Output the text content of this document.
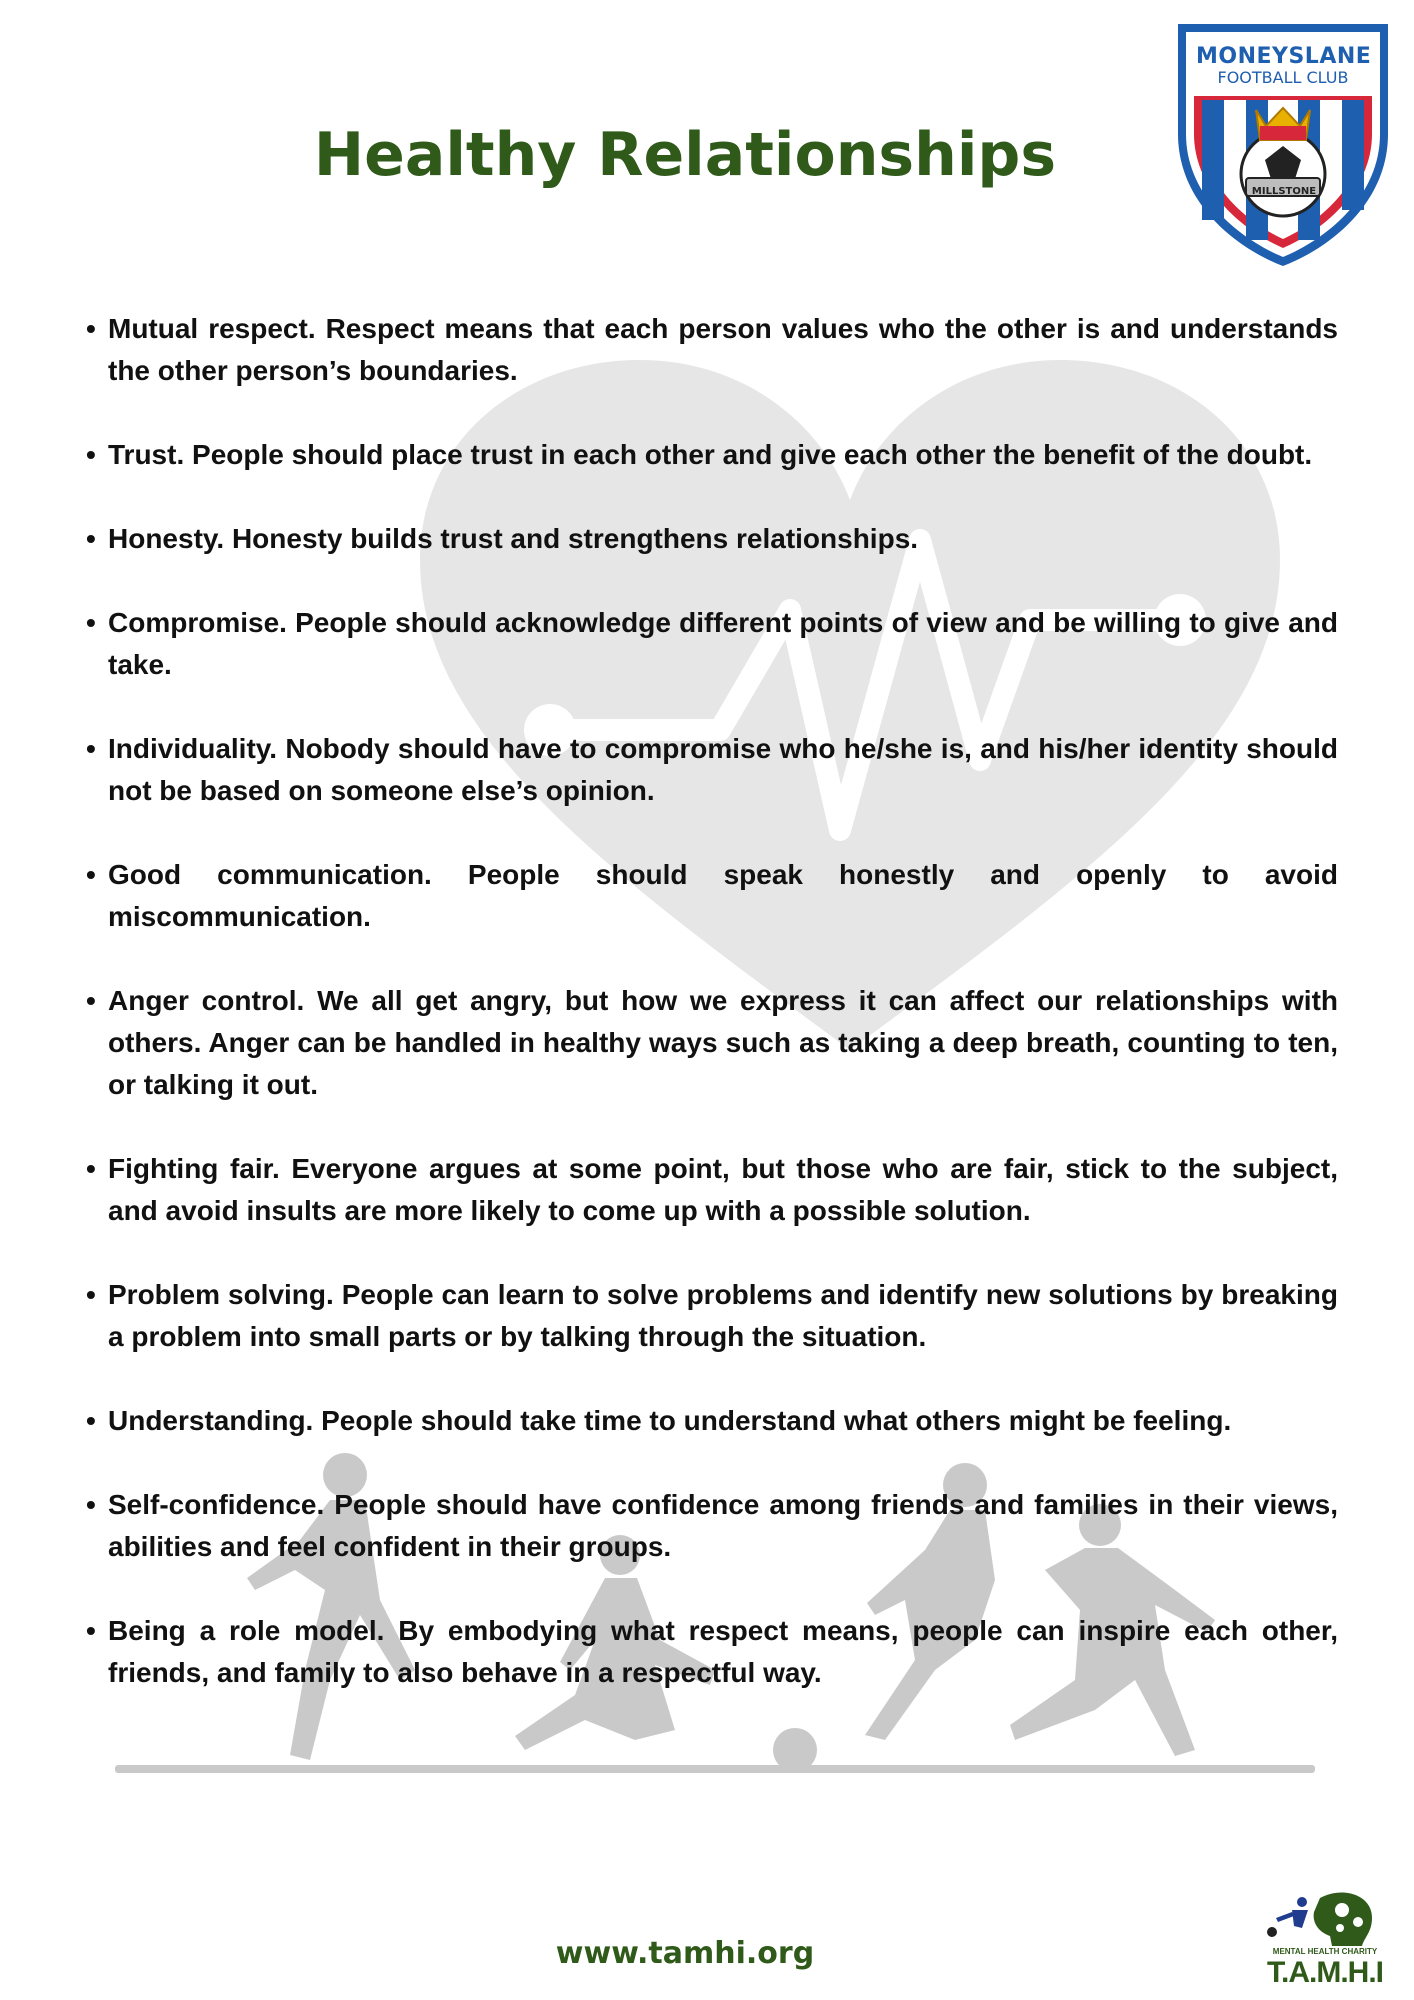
Healthy Relationships
MONEYSLANE
FOOTBALL CLUB
MILLSTONE
• Mutual respect. Respect means that each person values who the other is and understands the other person’s boundaries.
• Trust. People should place trust in each other and give each other the benefit of the doubt.
• Honesty. Honesty builds trust and strengthens relationships.
• Compromise. People should acknowledge different points of view and be willing to give and take.
• Individuality. Nobody should have to compromise who he/she is, and his/her identity should not be based on someone else’s opinion.
• Good communication. People should speak honestly and openly to avoid miscommunication.
• Anger control. We all get angry, but how we express it can affect our relationships with others. Anger can be handled in healthy ways such as taking a deep breath, counting to ten, or talking it out.
• Fighting fair. Everyone argues at some point, but those who are fair, stick to the subject, and avoid insults are more likely to come up with a possible solution.
• Problem solving. People can learn to solve problems and identify new solutions by breaking a problem into small parts or by talking through the situation.
• Understanding. People should take time to understand what others might be feeling.
• Self-confidence. People should have confidence among friends and families in their views, abilities and feel confident in their groups.
• Being a role model. By embodying what respect means, people can inspire each other, friends, and family to also behave in a respectful way.
www.tamhi.org	MENTAL HEALTH CHARITY
T.A.M.H.I
